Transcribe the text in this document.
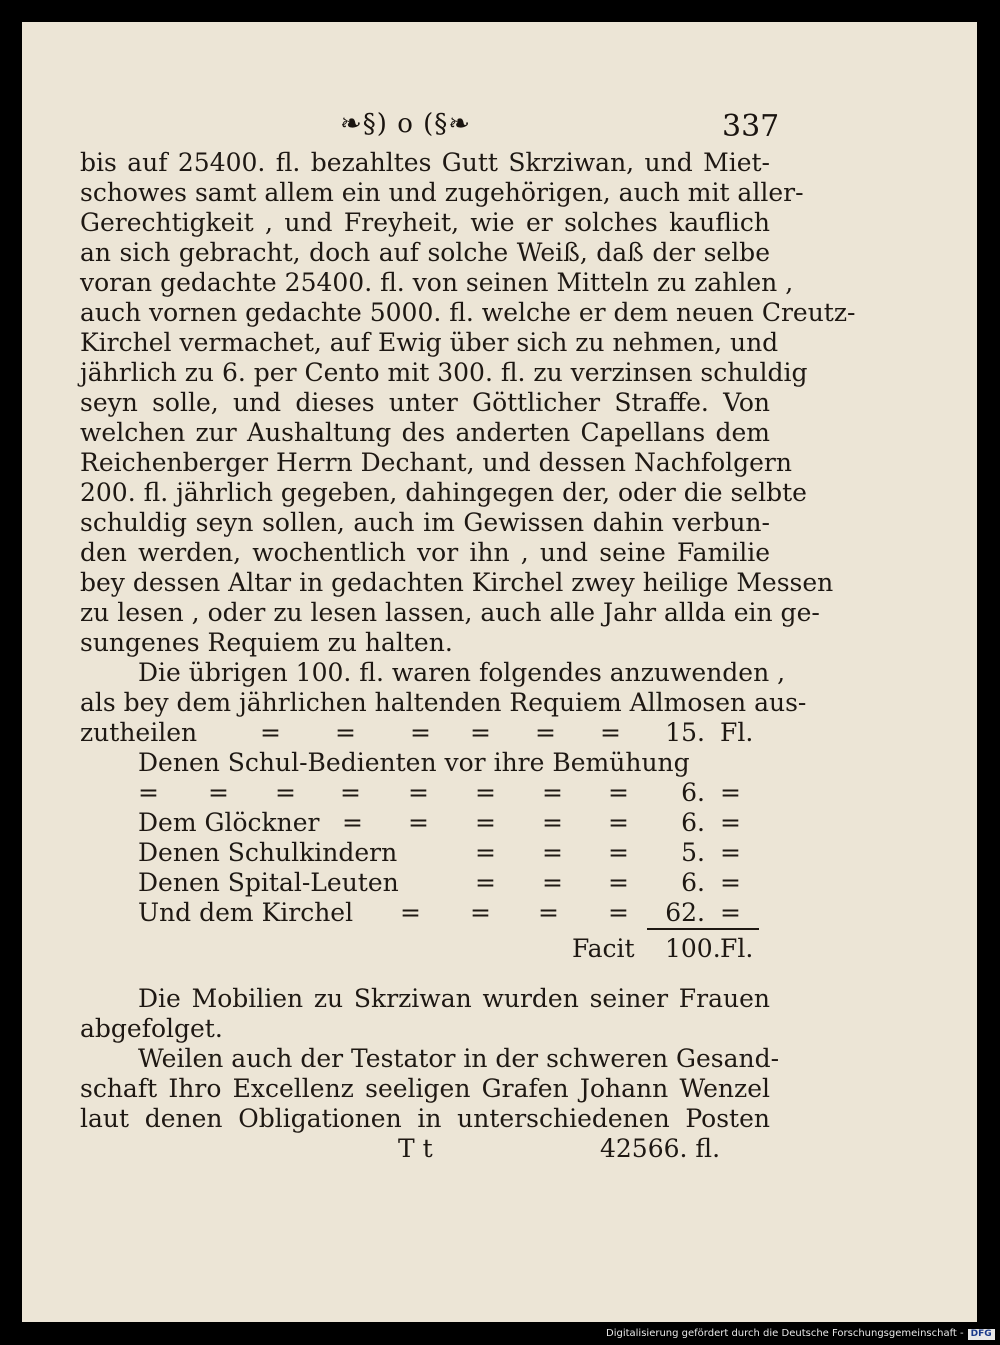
❧§) o (§❧	337
bis auf 25400. fl. bezahltes Gutt Skrziwan, und Miet-
schowes samt allem ein und zugehörigen, auch mit aller-
Gerechtigkeit , und Freyheit, wie er solches kauflich
an sich gebracht, doch auf solche Weiß, daß der selbe
voran gedachte 25400. fl. von seinen Mitteln zu zahlen ,
auch vornen gedachte 5000. fl. welche er dem neuen Creutz-
Kirchel vermachet, auf Ewig über sich zu nehmen, und
jährlich zu 6. per Cento mit 300. fl. zu verzinsen schuldig
seyn solle, und dieses unter Göttlicher Straffe. Von
welchen zur Aushaltung des anderten Capellans dem
Reichenberger Herrn Dechant, und dessen Nachfolgern
200. fl. jährlich gegeben, dahingegen der, oder die selbte
schuldig seyn sollen, auch im Gewissen dahin verbun-
den werden, wochentlich vor ihn , und seine Familie
bey dessen Altar in gedachten Kirchel zwey heilige Messen
zu lesen , oder zu lesen lassen, auch alle Jahr allda ein ge-
sungenes Requiem zu halten.
Die übrigen 100. fl. waren folgendes anzuwenden ,
als bey dem jährlichen haltenden Requiem Allmosen aus-
zutheilen	= = = = = = 15. Fl.
Denen Schul-Bedienten vor ihre Bemühung
= = = = = = = =	6. =
Dem Glöckner = = = = =	6. =
Denen Schulkindern	= = =	5. =
Denen Spital-Leuten	= = =	6. =
Und dem Kirchel = = = = 62. =
Facit 100. Fl.
Die Mobilien zu Skrziwan wurden seiner Frauen
abgefolget.
Weilen auch der Testator in der schweren Gesand-
schaft Ihro Excellenz seeligen Grafen Johann Wenzel
laut denen Obligationen in unterschiedenen Posten
T t	42566. fl.
Digitalisierung gefördert durch die Deutsche Forschungsgemeinschaft - DFG
